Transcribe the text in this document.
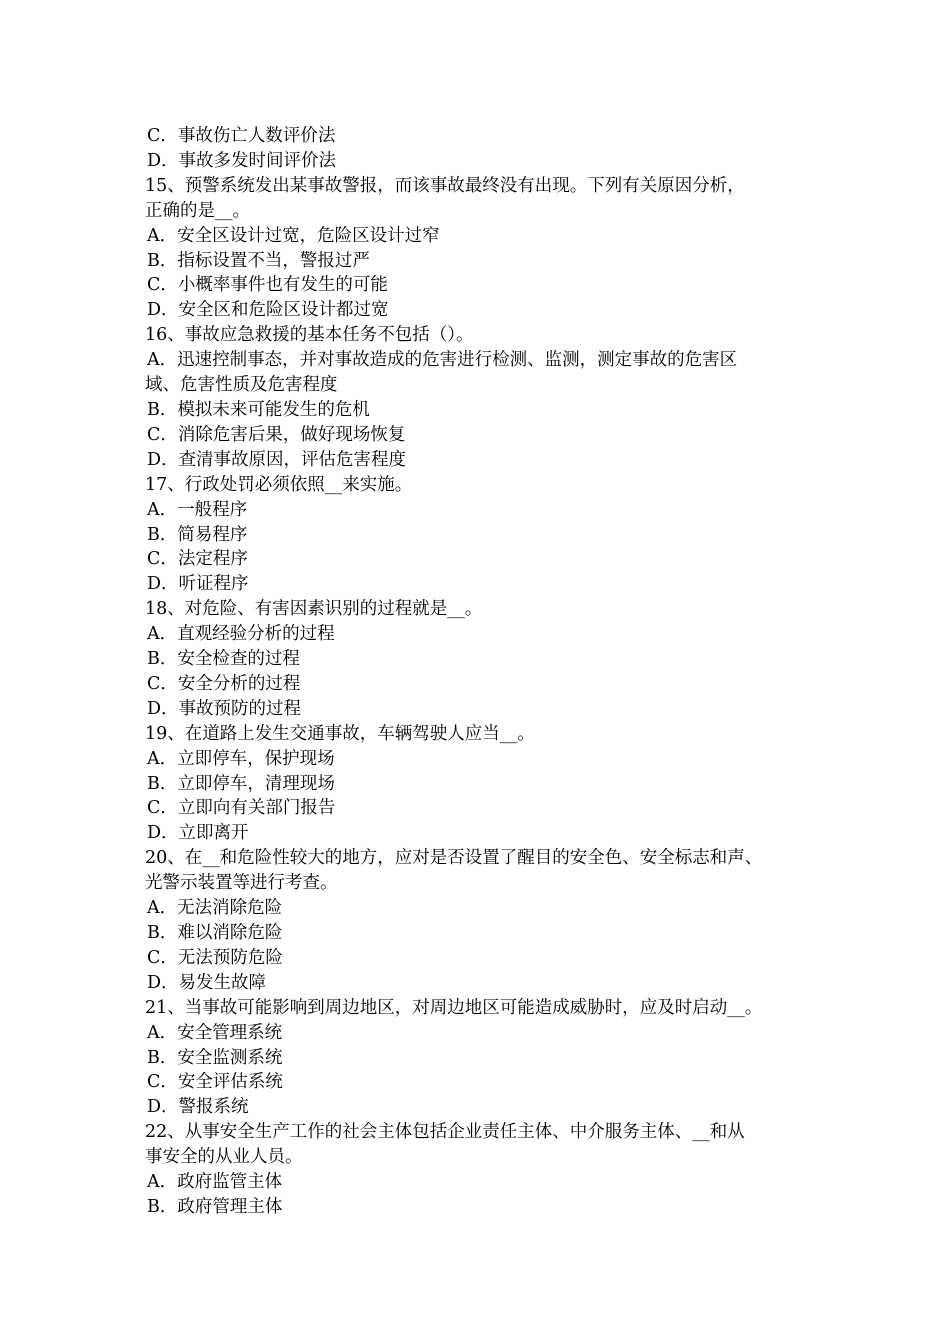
C．事故伤亡人数评价法
D．事故多发时间评价法
15、预警系统发出某事故警报，而该事故最终没有出现。下列有关原因分析，
正确的是__。
A．安全区设计过宽，危险区设计过窄
B．指标设置不当，警报过严
C．小概率事件也有发生的可能
D．安全区和危险区设计都过宽
16、事故应急救援的基本任务不包括（）。
A．迅速控制事态，并对事故造成的危害进行检测、监测，测定事故的危害区
域、危害性质及危害程度
B．模拟未来可能发生的危机
C．消除危害后果，做好现场恢复
D．查清事故原因，评估危害程度
17、行政处罚必须依照__来实施。
A．一般程序
B．简易程序
C．法定程序
D．听证程序
18、对危险、有害因素识别的过程就是__。
A．直观经验分析的过程
B．安全检查的过程
C．安全分析的过程
D．事故预防的过程
19、在道路上发生交通事故，车辆驾驶人应当__。
A．立即停车，保护现场
B．立即停车，清理现场
C．立即向有关部门报告
D．立即离开
20、在__和危险性较大的地方，应对是否设置了醒目的安全色、安全标志和声、
光警示装置等进行考查。
A．无法消除危险
B．难以消除危险
C．无法预防危险
D．易发生故障
21、当事故可能影响到周边地区，对周边地区可能造成威胁时，应及时启动__。
A．安全管理系统
B．安全监测系统
C．安全评估系统
D．警报系统
22、从事安全生产工作的社会主体包括企业责任主体、中介服务主体、__和从
事安全的从业人员。
A．政府监管主体
B．政府管理主体
